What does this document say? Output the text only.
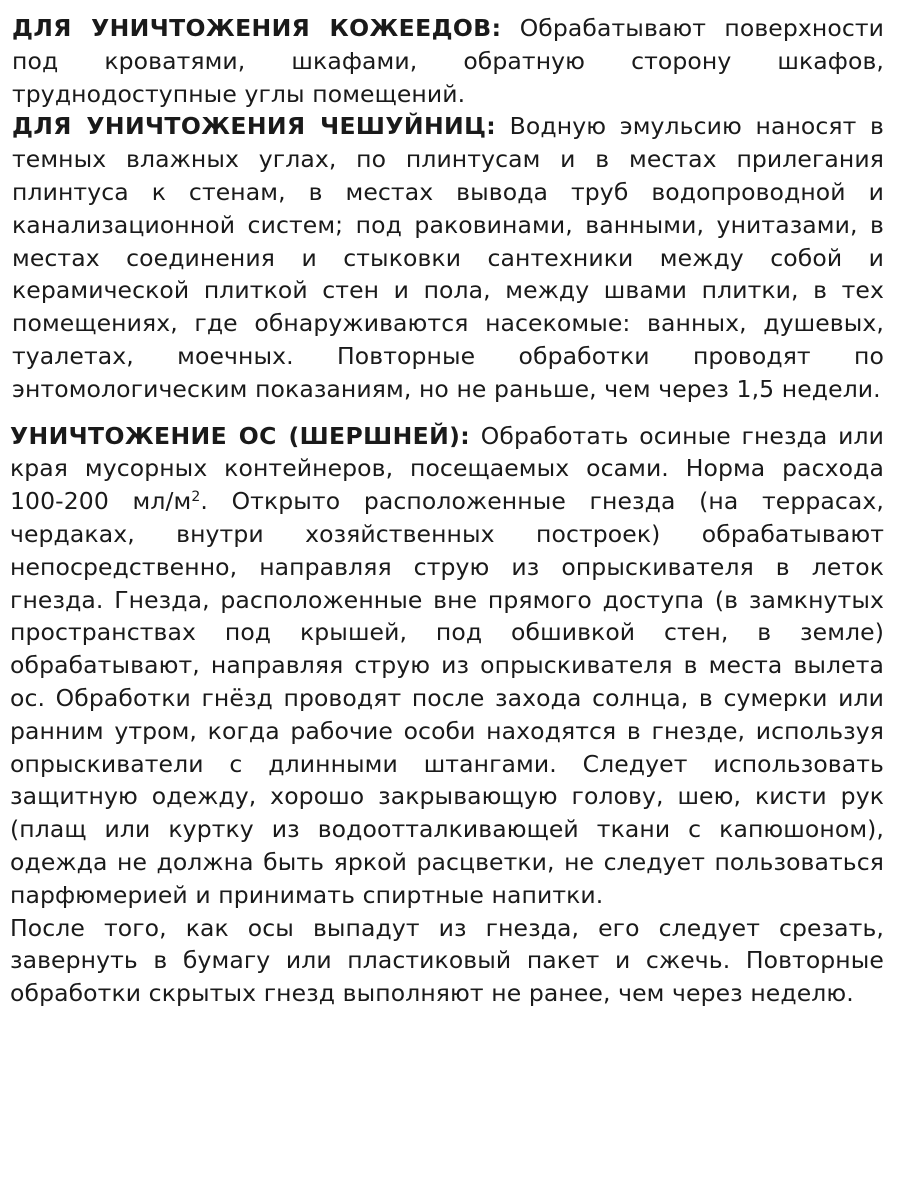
ДЛЯ УНИЧТОЖЕНИЯ КОЖЕЕДОВ: Обрабатывают поверхности под кроватями, шкафами, обратную сторону шкафов, труднодоступные углы помещений.

ДЛЯ УНИЧТОЖЕНИЯ ЧЕШУЙНИЦ: Водную эмульсию наносят в темных влажных углах, по плинтусам и в местах прилегания плинтуса к стенам, в местах вывода труб водопроводной и канализационной систем; под раковинами, ванными, унитазами, в местах соединения и стыковки сантехники между собой и керамической плиткой стен и пола, между швами плитки, в тех помещениях, где обнаруживаются насекомые: ванных, душевых, туалетах, моечных. Повторные обработки проводят по энтомологическим показаниям, но не раньше, чем через 1,5 недели.

УНИЧТОЖЕНИЕ ОС (ШЕРШНЕЙ): Обработать осиные гнезда или края мусорных контейнеров, посещаемых осами. Норма расхода 100-200 $мл/м^2$. Открыто расположенные гнезда (на террасах, чердаках, внутри хозяйственных построек) обрабатывают непосредственно, направляя струю из опрыскивателя в леток гнезда. Гнезда, расположенные вне прямого доступа (в замкнутых пространствах под крышей, под обшивкой стен, в земле) обрабатывают, направляя струю из опрыскивателя в места вылета ос. Обработки гнёзд проводят после захода солнца, в сумерки или ранним утром, когда рабочие особи находятся в гнезде, используя опрыскиватели с длинными штангами. Следует использовать защитную одежду, хорошо закрывающую голову, шею, кисти рук (плащ или куртку из водоотталкивающей ткани с капюшоном), одежда не должна быть яркой расцветки, не следует пользоваться парфюмерией и принимать спиртные напитки.

После того, как осы выпадут из гнезда, его следует срезать, завернуть в бумагу или пластиковый пакет и сжечь. Повторные обработки скрытых гнезд выполняют не ранее, чем через неделю.
